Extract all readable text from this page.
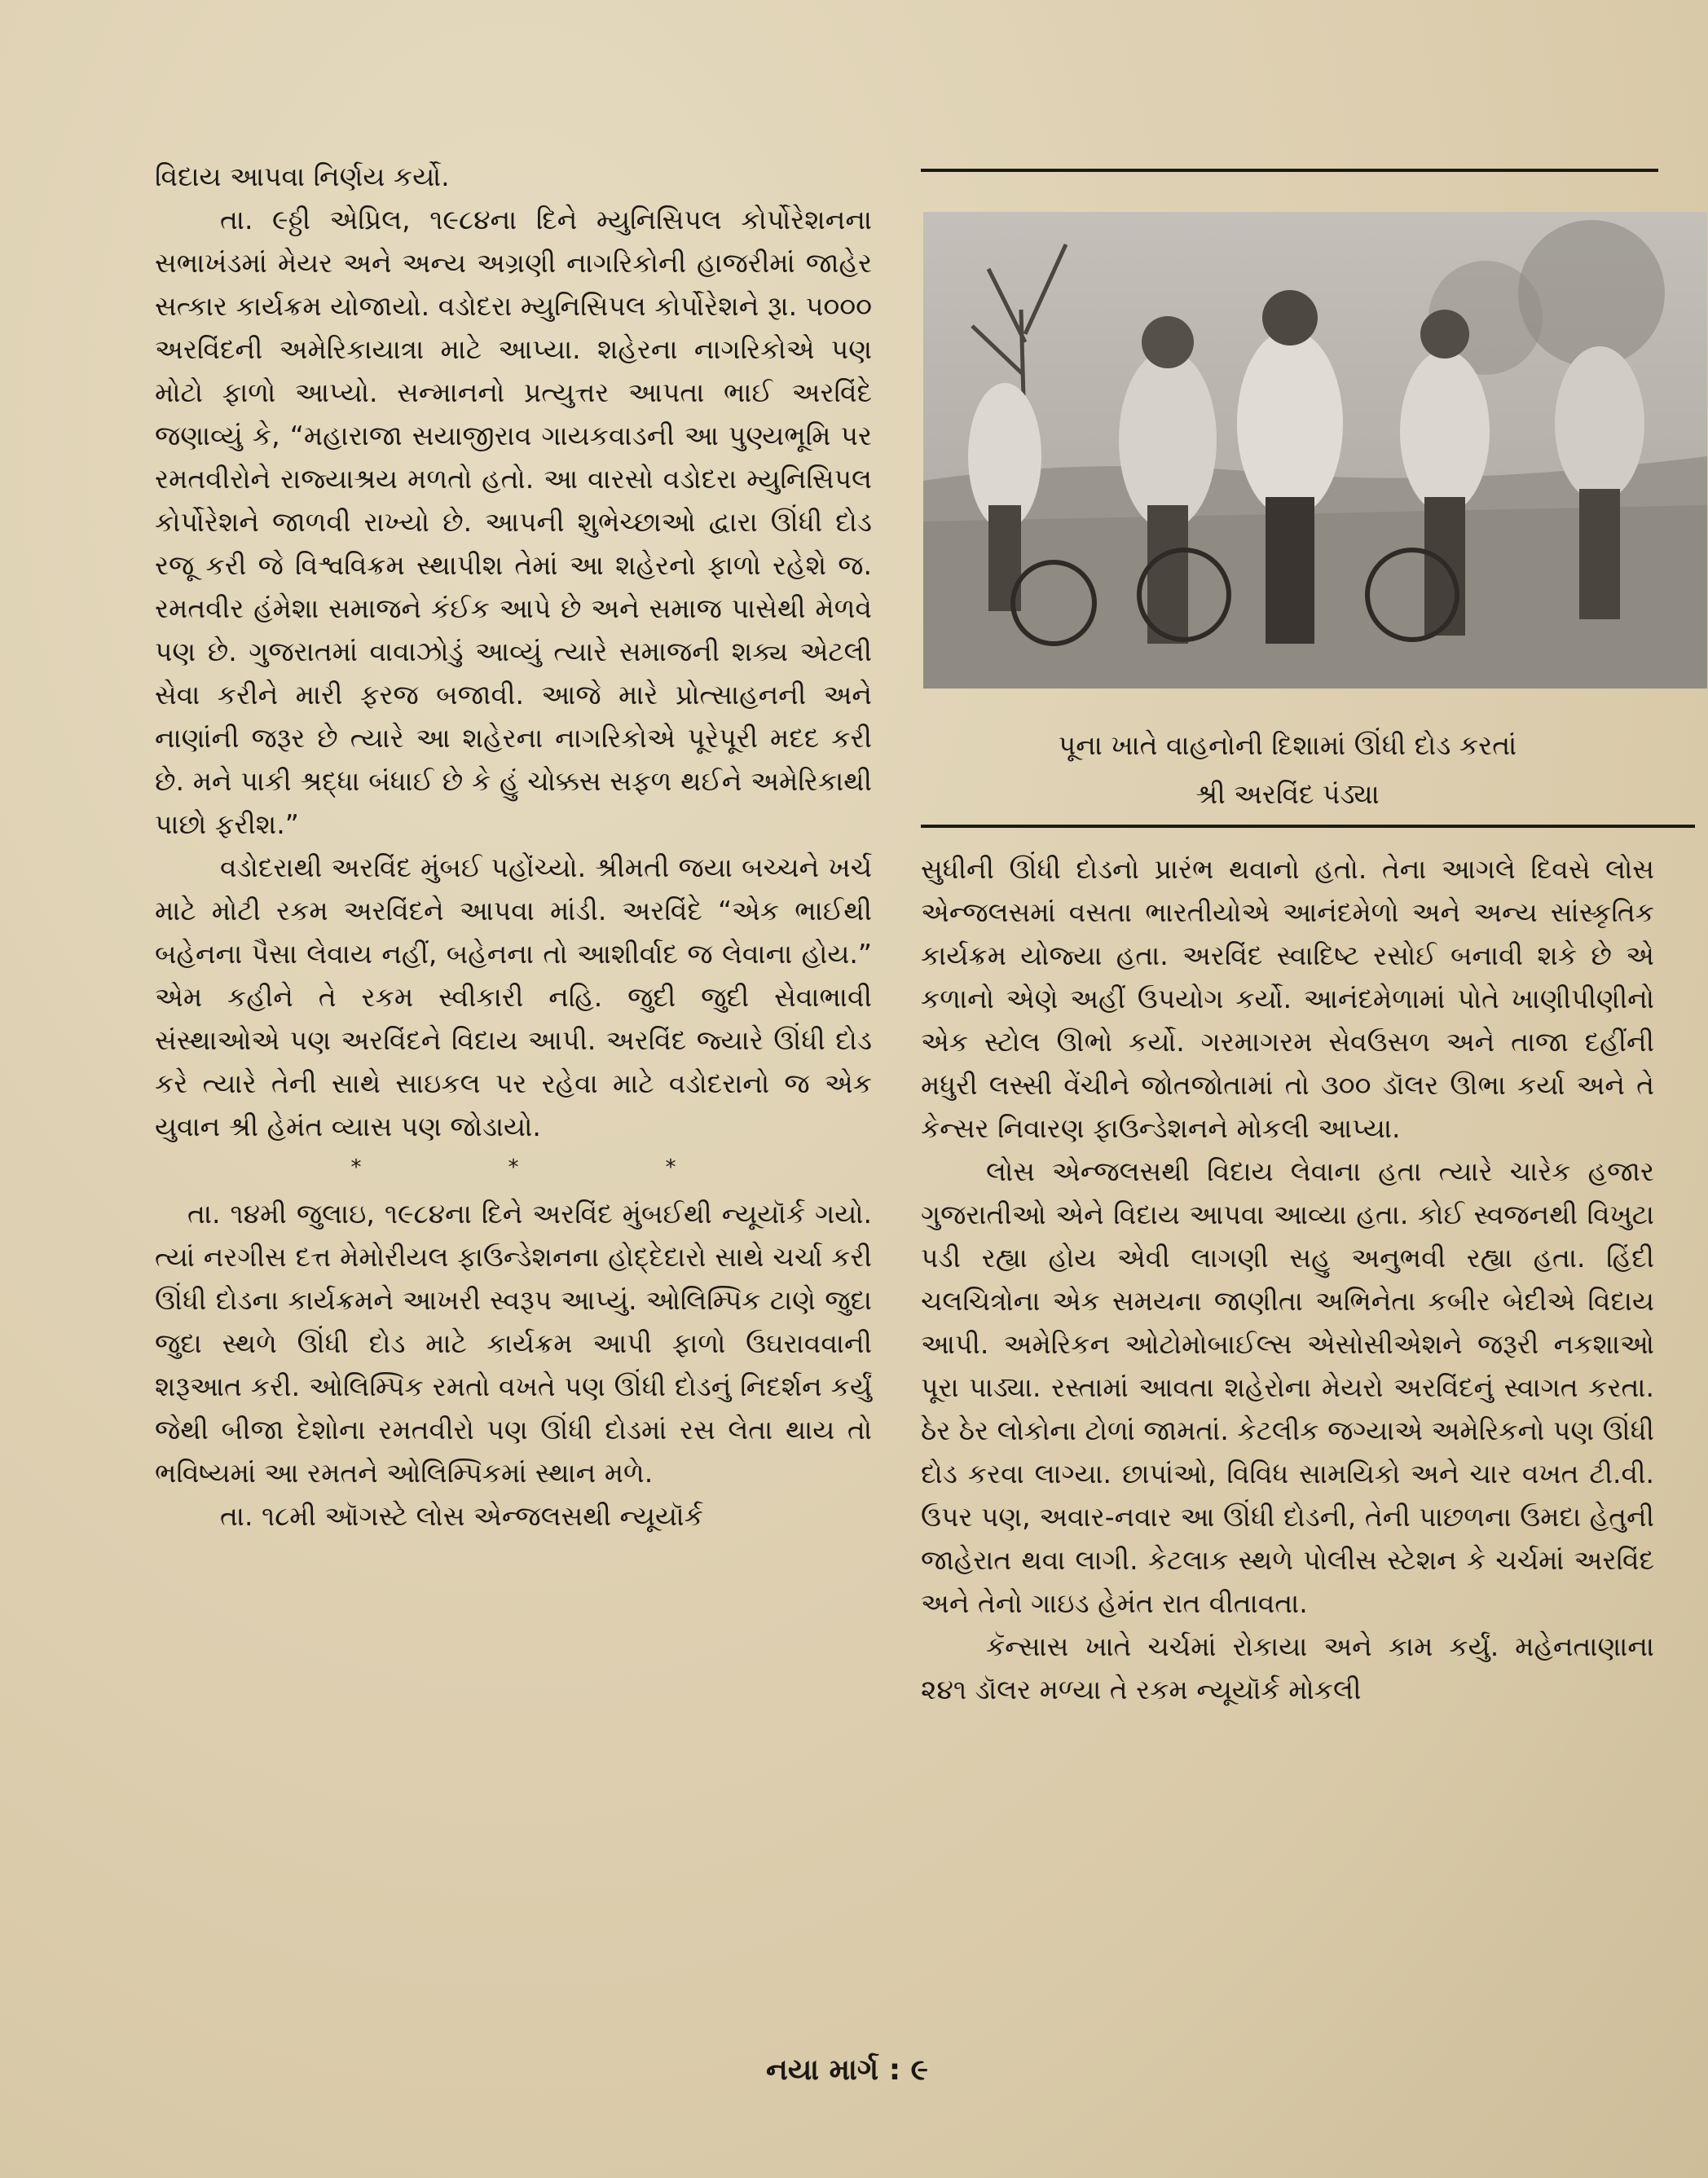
પૂના ખાતે વાહનોની દિશામાં ઊંધી દોડ કરતાં
શ્રી અરવિંદ પંડ્યા

વિદાય આપવા નિર્ણય કર્યો.

તા. ૯ઠ્ઠી એપ્રિલ, ૧૯૮૪ના દિને મ્યુનિસિપલ કોર્પોરેશનના સભાખંડમાં મેયર અને અન્ય અગ્રણી નાગરિકોની હાજરીમાં જાહેર સત્કાર કાર્યક્રમ યોજાયો. વડોદરા મ્યુનિસિપલ કોર્પોરેશને રૂા. ૫૦૦૦ અરવિંદની અમેરિકાયાત્રા માટે આપ્યા. શહેરના નાગરિકોએ પણ મોટો ફાળો આપ્યો. સન્માનનો પ્રત્યુત્તર આપતા ભાઈ અરવિંદે જણાવ્યું કે, “મહારાજા સયાજીરાવ ગાયકવાડની આ પુણ્યભૂમિ પર રમતવીરોને રાજ્યાશ્રય મળતો હતો. આ વારસો વડોદરા મ્યુનિસિપલ કોર્પોરેશને જાળવી રાખ્યો છે. આપની શુભેચ્છાઓ દ્વારા ઊંધી દોડ રજૂ કરી જે વિશ્વવિક્રમ સ્થાપીશ તેમાં આ શહેરનો ફાળો રહેશે જ. રમતવીર હંમેશા સમાજને કંઈક આપે છે અને સમાજ પાસેથી મેળવે પણ છે. ગુજરાતમાં વાવાઝોડું આવ્યું ત્યારે સમાજની શક્ય એટલી સેવા કરીને મારી ફરજ બજાવી. આજે મારે પ્રોત્સાહનની અને નાણાંની જરૂર છે ત્યારે આ શહેરના નાગરિકોએ પૂરેપૂરી મદદ કરી છે. મને પાકી શ્રદ્ધા બંધાઈ છે કે હું ચોક્કસ સફળ થઈને અમેરિકાથી પાછો ફરીશ.”

વડોદરાથી અરવિંદ મુંબઈ પહોંચ્યો. શ્રીમતી જયા બચ્ચને ખર્ચ માટે મોટી રકમ અરવિંદને આપવા માંડી. અરવિંદે “એક ભાઈથી બહેનના પૈસા લેવાય નહીં, બહેનના તો આશીર્વાદ જ લેવાના હોય.” એમ કહીને તે રકમ સ્વીકારી નહિ. જુદી જુદી સેવાભાવી સંસ્થાઓએ પણ અરવિંદને વિદાય આપી. અરવિંદ જ્યારે ઊંધી દોડ કરે ત્યારે તેની સાથે સાઇકલ પર રહેવા માટે વડોદરાનો જ એક યુવાન શ્રી હેમંત વ્યાસ પણ જોડાયો.

*	*	*

તા. ૧૪મી જુલાઇ, ૧૯૮૪ના દિને અરવિંદ મુંબઈથી ન્યૂયૉર્ક ગયો. ત્યાં નરગીસ દત્ત મેમોરીયલ ફાઉન્ડેશનના હોદ્દેદારો સાથે ચર્ચા કરી ઊંધી દોડના કાર્યક્રમને આખરી સ્વરૂપ આપ્યું. ઓલિમ્પિક ટાણે જુદા જુદા સ્થળે ઊંધી દોડ માટે કાર્યક્રમ આપી ફાળો ઉઘરાવવાની શરૂઆત કરી. ઓલિમ્પિક રમતો વખતે પણ ઊંધી દોડનું નિદર્શન કર્યું જેથી બીજા દેશોના રમતવીરો પણ ઊંધી દોડમાં રસ લેતા થાય તો ભવિષ્યમાં આ રમતને ઓલિમ્પિકમાં સ્થાન મળે.

તા. ૧૮મી ઑગસ્ટે લોસ એન્જલસથી ન્યૂયૉર્ક

સુધીની ઊંધી દોડનો પ્રારંભ થવાનો હતો. તેના આગલે દિવસે લોસ એન્જલસમાં વસતા ભારતીયોએ આનંદમેળો અને અન્ય સાંસ્કૃતિક કાર્યક્રમ યોજ્યા હતા. અરવિંદ સ્વાદિષ્ટ રસોઈ બનાવી શકે છે એ કળાનો એણે અહીં ઉપયોગ કર્યો. આનંદમેળામાં પોતે ખાણીપીણીનો એક સ્ટોલ ઊભો કર્યો. ગરમાગરમ સેવઉસળ અને તાજા દહીંની મધુરી લસ્સી વેંચીને જોતજોતામાં તો ૩૦૦ ડૉલર ઊભા કર્યા અને તે કેન્સર નિવારણ ફાઉન્ડેશનને મોકલી આપ્યા.

લોસ એન્જલસથી વિદાય લેવાના હતા ત્યારે ચારેક હજાર ગુજરાતીઓ એને વિદાય આપવા આવ્યા હતા. કોઈ સ્વજનથી વિખુટા પડી રહ્યા હોય એવી લાગણી સહુ અનુભવી રહ્યા હતા. હિંદી ચલચિત્રોના એક સમયના જાણીતા અભિનેતા કબીર બેદીએ વિદાય આપી. અમેરિકન ઓટોમોબાઈલ્સ એસોસીએશને જરૂરી નકશાઓ પૂરા પાડ્યા. રસ્તામાં આવતા શહેરોના મેયરો અરવિંદનું સ્વાગત કરતા. ઠેર ઠેર લોકોના ટોળાં જામતાં. કેટલીક જગ્યાએ અમેરિકનો પણ ઊંધી દોડ કરવા લાગ્યા. છાપાંઓ, વિવિધ સામયિકો અને ચાર વખત ટી.વી. ઉપર પણ, અવાર-નવાર આ ઊંધી દોડની, તેની પાછળના ઉમદા હેતુની જાહેરાત થવા લાગી. કેટલાક સ્થળે પોલીસ સ્ટેશન કે ચર્ચમાં અરવિંદ અને તેનો ગાઇડ હેમંત રાત વીતાવતા.

કૅન્સાસ ખાતે ચર્ચમાં રોકાયા અને કામ કર્યું. મહેનતાણાના ૨૪૧ ડૉલર મળ્યા તે રકમ ન્યૂયૉર્ક મોકલી

નયા માર્ગ : ૯
